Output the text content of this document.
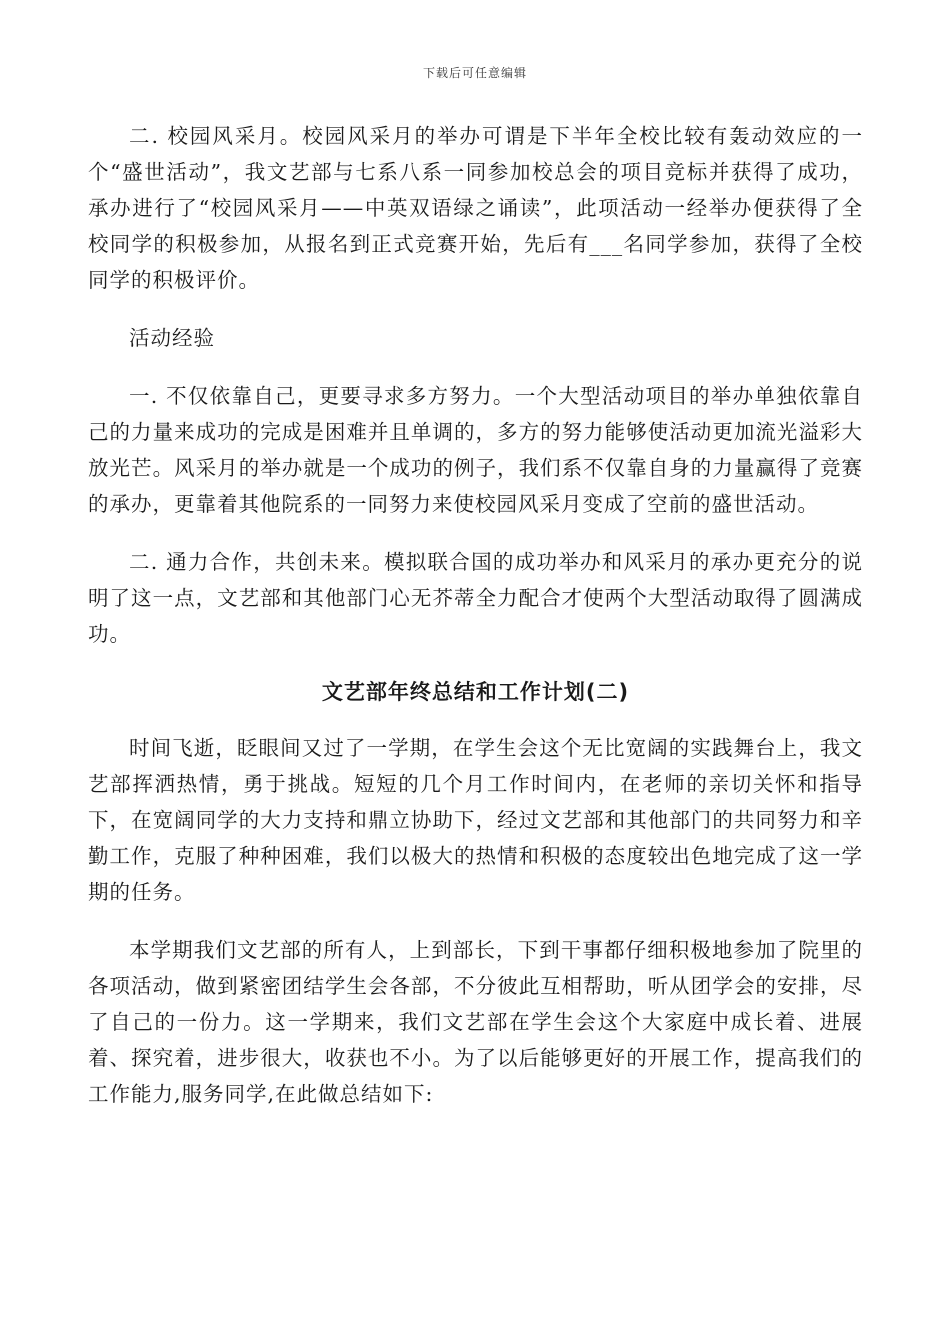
下载后可任意编辑

二. 校园风采月。校园风采月的举办可谓是下半年全校比较有轰动效应的一个“盛世活动”，我文艺部与七系八系一同参加校总会的项目竞标并获得了成功，承办进行了“校园风采月——中英双语绿之诵读”，此项活动一经举办便获得了全校同学的积极参加，从报名到正式竞赛开始，先后有___名同学参加，获得了全校同学的积极评价。

活动经验

一. 不仅依靠自己，更要寻求多方努力。一个大型活动项目的举办单独依靠自己的力量来成功的完成是困难并且单调的，多方的努力能够使活动更加流光溢彩大放光芒。风采月的举办就是一个成功的例子，我们系不仅靠自身的力量赢得了竞赛的承办，更靠着其他院系的一同努力来使校园风采月变成了空前的盛世活动。

二. 通力合作，共创未来。模拟联合国的成功举办和风采月的承办更充分的说明了这一点，文艺部和其他部门心无芥蒂全力配合才使两个大型活动取得了圆满成功。

文艺部年终总结和工作计划(二)

时间飞逝，眨眼间又过了一学期，在学生会这个无比宽阔的实践舞台上，我文艺部挥洒热情，勇于挑战。短短的几个月工作时间内，在老师的亲切关怀和指导下，在宽阔同学的大力支持和鼎立协助下，经过文艺部和其他部门的共同努力和辛勤工作，克服了种种困难，我们以极大的热情和积极的态度较出色地完成了这一学期的任务。

本学期我们文艺部的所有人，上到部长，下到干事都仔细积极地参加了院里的各项活动，做到紧密团结学生会各部，不分彼此互相帮助，听从团学会的安排，尽了自己的一份力。这一学期来，我们文艺部在学生会这个大家庭中成长着、进展着、探究着，进步很大，收获也不小。为了以后能够更好的开展工作，提高我们的工作能力,服务同学,在此做总结如下:
